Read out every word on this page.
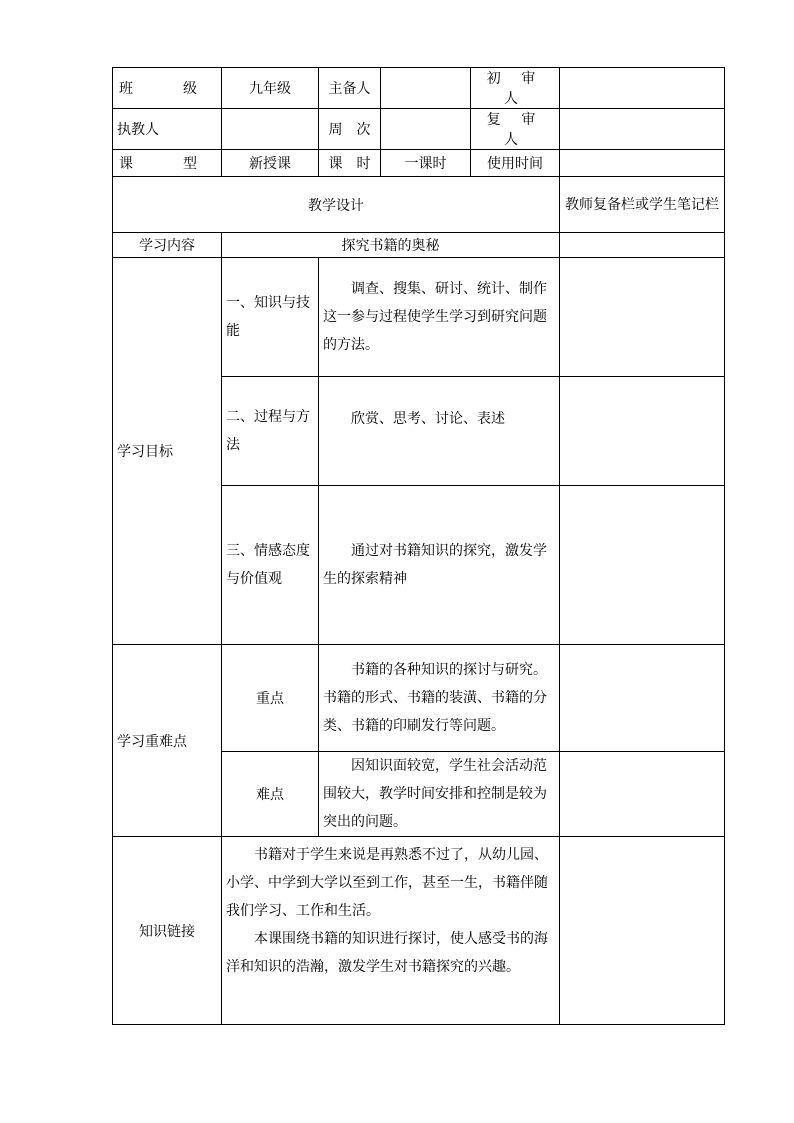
班　级	九年级	主备人		初 审 人	
执教人		周　次		复 审 人	
课　型	新授课	课　时	一课时	使用时间	
教学设计					教师复备栏或学生笔记栏
学习内容	探究书籍的奥秘				
学习目标	一、知识与技能	调查、搜集、研讨、统计、制作这一参与过程使学生学习到研究问题的方法。			

	二、过程与方法	欣赏、思考、讨论、表述			

	三、情感态度与价值观	通过对书籍知识的探究，激发学生的探索精神			

学习重难点	重点	书籍的各种知识的探讨与研究。书籍的形式、书籍的装潢、书籍的分类、书籍的印刷发行等问题。			

	难点	因知识面较宽，学生社会活动范围较大，教学时间安排和控制是较为突出的问题。			

知识链接	书籍对于学生来说是再熟悉不过了，从幼儿园、小学、中学到大学以至到工作，甚至一生，书籍伴随我们学习、工作和生活。

本课围绕书籍的知识进行探讨，使人感受书的海洋和知识的浩瀚，激发学生对书籍探究的兴趣。				
